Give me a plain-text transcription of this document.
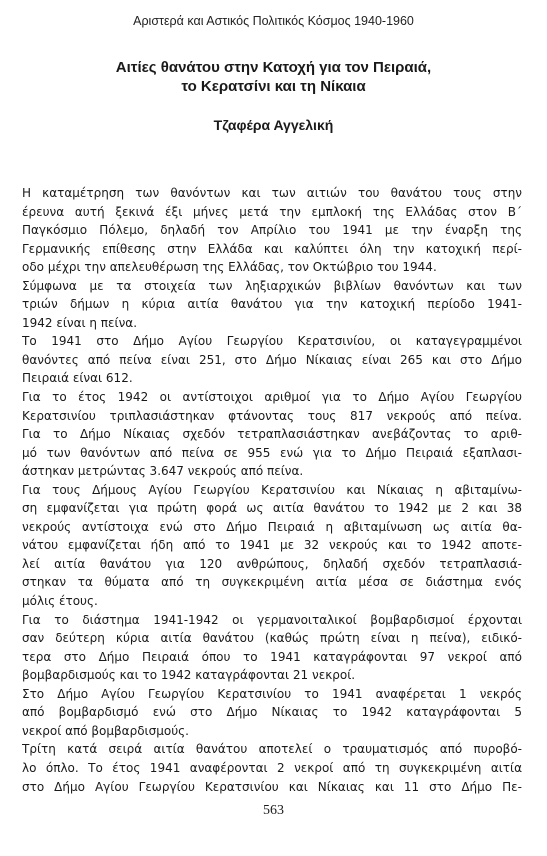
Αριστερά και Αστικός Πολιτικός Κόσμος 1940-1960
Αιτίες θανάτου στην Κατοχή για τον Πειραιά,
το Κερατσίνι και τη Νίκαια
Τζαφέρα Αγγελική
Η καταμέτρηση των θανόντων και των αιτιών του θανάτου τους στην
έρευνα αυτή ξεκινά έξι μήνες μετά την εμπλοκή της Ελλάδας στον Β΄
Παγκόσμιο Πόλεμο, δηλαδή τον Απρίλιο του 1941 με την έναρξη της
Γερμανικής επίθεσης στην Ελλάδα και καλύπτει όλη την κατοχική περί-
οδο μέχρι την απελευθέρωση της Ελλάδας, τον Οκτώβριο του 1944.
Σύμφωνα με τα στοιχεία των ληξιαρχικών βιβλίων θανόντων και των
τριών δήμων η κύρια αιτία θανάτου για την κατοχική περίοδο 1941-
1942 είναι η πείνα.
Το 1941 στο Δήμο Αγίου Γεωργίου Κερατσινίου, οι καταγεγραμμένοι
θανόντες από πείνα είναι 251, στο Δήμο Νίκαιας είναι 265 και στο Δήμο
Πειραιά είναι 612.
Για το έτος 1942 οι αντίστοιχοι αριθμοί για το Δήμο Αγίου Γεωργίου
Κερατσινίου τριπλασιάστηκαν φτάνοντας τους 817 νεκρούς από πείνα.
Για το Δήμο Νίκαιας σχεδόν τετραπλασιάστηκαν ανεβάζοντας το αριθ-
μό των θανόντων από πείνα σε 955 ενώ για το Δήμο Πειραιά εξαπλασι-
άστηκαν μετρώντας 3.647 νεκρούς από πείνα.
Για τους Δήμους Αγίου Γεωργίου Κερατσινίου και Νίκαιας η αβιταμίνω-
ση εμφανίζεται για πρώτη φορά ως αιτία θανάτου το 1942 με 2 και 38
νεκρούς αντίστοιχα ενώ στο Δήμο Πειραιά η αβιταμίνωση ως αιτία θα-
νάτου εμφανίζεται ήδη από το 1941 με 32 νεκρούς και το 1942 αποτε-
λεί αιτία θανάτου για 120 ανθρώπους, δηλαδή σχεδόν τετραπλασιά-
στηκαν τα θύματα από τη συγκεκριμένη αιτία μέσα σε διάστημα ενός
μόλις έτους.
Για το διάστημα 1941-1942 οι γερμανοιταλικοί βομβαρδισμοί έρχονται
σαν δεύτερη κύρια αιτία θανάτου (καθώς πρώτη είναι η πείνα), ειδικό-
τερα στο Δήμο Πειραιά όπου το 1941 καταγράφονται 97 νεκροί από
βομβαρδισμούς και το 1942 καταγράφονται 21 νεκροί.
Στο Δήμο Αγίου Γεωργίου Κερατσινίου το 1941 αναφέρεται 1 νεκρός
από βομβαρδισμό ενώ στο Δήμο Νίκαιας το 1942 καταγράφονται 5
νεκροί από βομβαρδισμούς.
Τρίτη κατά σειρά αιτία θανάτου αποτελεί ο τραυματισμός από πυροβό-
λο όπλο. Το έτος 1941 αναφέρονται 2 νεκροί από τη συγκεκριμένη αιτία
στο Δήμο Αγίου Γεωργίου Κερατσινίου και Νίκαιας και 11 στο Δήμο Πε-
563
